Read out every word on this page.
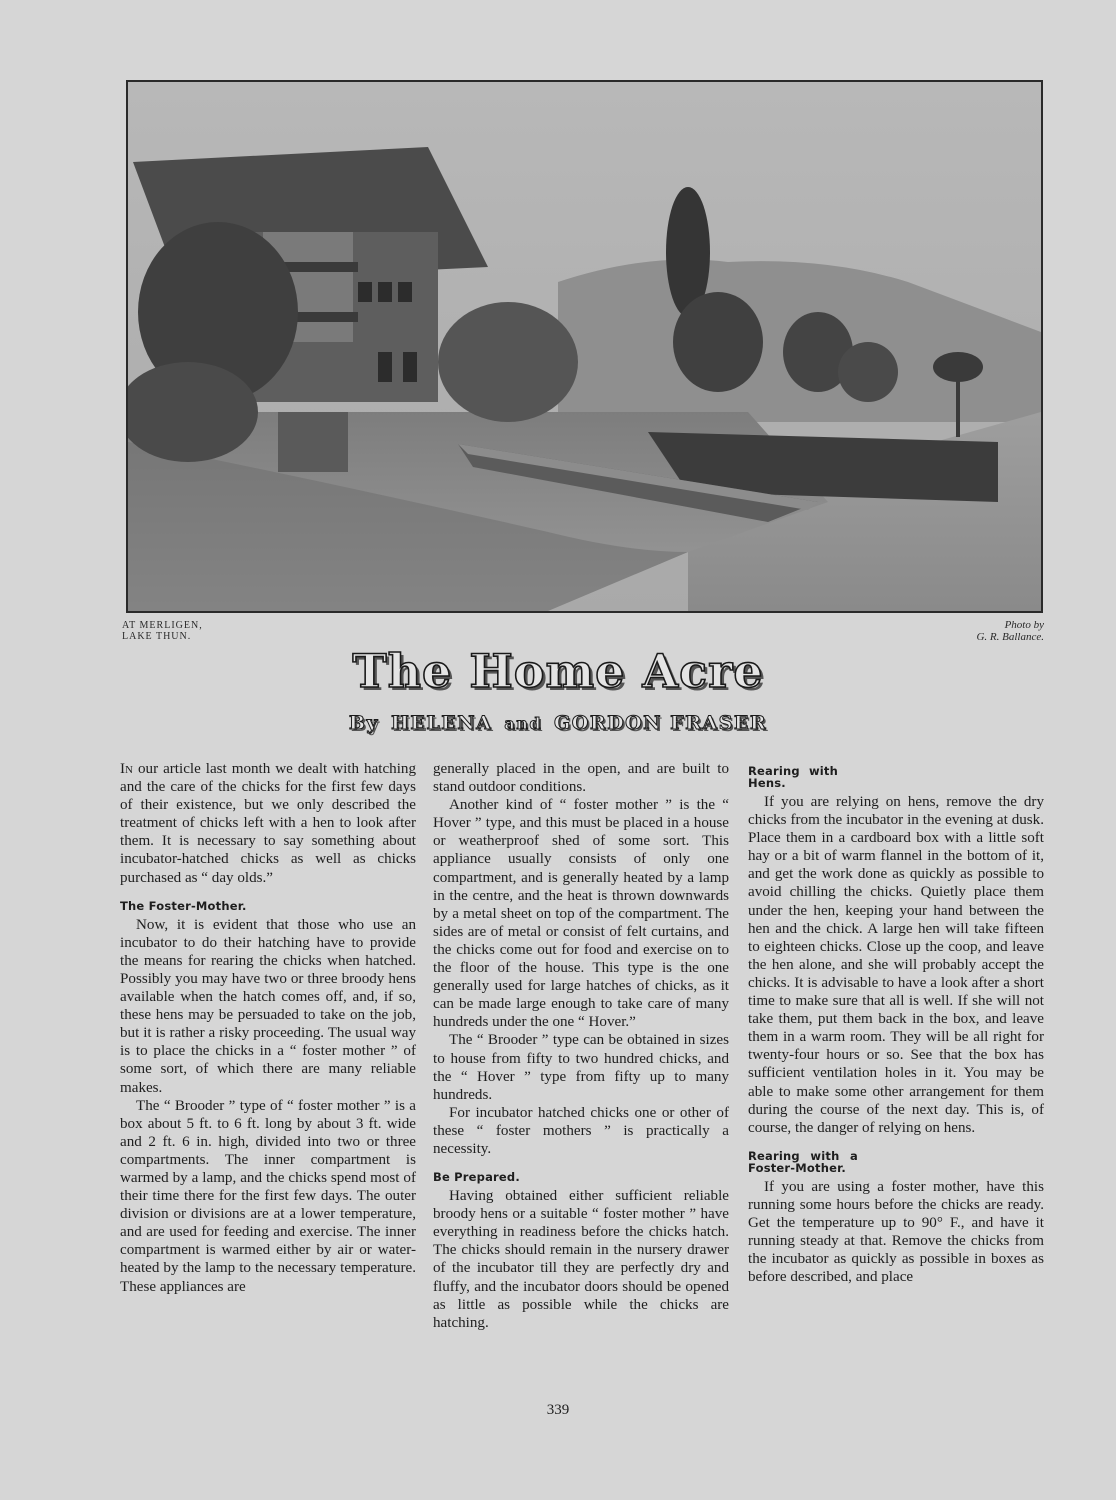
AT MERLIGEN,
LAKE THUN.
Photo by
G. R. Ballance.
The Home Acre
By HELENA and GORDON FRASER

In our article last month we dealt with hatching and the care of the chicks for the first few days of their existence, but we only described the treatment of chicks left with a hen to look after them. It is necessary to say something about incubator-hatched chicks as well as chicks purchased as “ day olds.”

The Foster-Mother.

Now, it is evident that those who use an incubator to do their hatching have to provide the means for rearing the chicks when hatched. Possibly you may have two or three broody hens available when the hatch comes off, and, if so, these hens may be persuaded to take on the job, but it is rather a risky proceeding. The usual way is to place the chicks in a “ foster mother ” of some sort, of which there are many reliable makes.

The “ Brooder ” type of “ foster mother ” is a box about 5 ft. to 6 ft. long by about 3 ft. wide and 2 ft. 6 in. high, divided into two or three compartments. The inner compartment is warmed by a lamp, and the chicks spend most of their time there for the first few days. The outer division or divisions are at a lower temperature, and are used for feeding and exercise. The inner compartment is warmed either by air or water-heated by the lamp to the necessary temperature. These appliances are

generally placed in the open, and are built to stand outdoor conditions.

Another kind of “ foster mother ” is the “ Hover ” type, and this must be placed in a house or weatherproof shed of some sort. This appliance usually consists of only one compartment, and is generally heated by a lamp in the centre, and the heat is thrown downwards by a metal sheet on top of the compartment. The sides are of metal or consist of felt curtains, and the chicks come out for food and exercise on to the floor of the house. This type is the one generally used for large hatches of chicks, as it can be made large enough to take care of many hundreds under the one “ Hover.”

The “ Brooder ” type can be obtained in sizes to house from fifty to two hundred chicks, and the “ Hover ” type from fifty up to many hundreds.

For incubator hatched chicks one or other of these “ foster mothers ” is practically a necessity.

Be Prepared.

Having obtained either sufficient reliable broody hens or a suitable “ foster mother ” have everything in readiness before the chicks hatch. The chicks should remain in the nursery drawer of the incubator till they are perfectly dry and fluffy, and the incubator doors should be opened as little as possible while the chicks are hatching.

Rearing with Hens.

If you are relying on hens, remove the dry chicks from the incubator in the evening at dusk. Place them in a cardboard box with a little soft hay or a bit of warm flannel in the bottom of it, and get the work done as quickly as possible to avoid chilling the chicks. Quietly place them under the hen, keeping your hand between the hen and the chick. A large hen will take fifteen to eighteen chicks. Close up the coop, and leave the hen alone, and she will probably accept the chicks. It is advisable to have a look after a short time to make sure that all is well. If she will not take them, put them back in the box, and leave them in a warm room. They will be all right for twenty-four hours or so. See that the box has sufficient ventilation holes in it. You may be able to make some other arrangement for them during the course of the next day. This is, of course, the danger of relying on hens.

Rearing with a Foster-Mother.

If you are using a foster mother, have this running some hours before the chicks are ready. Get the temperature up to 90° F., and have it running steady at that. Remove the chicks from the incubator as quickly as possible in boxes as before described, and place

339
